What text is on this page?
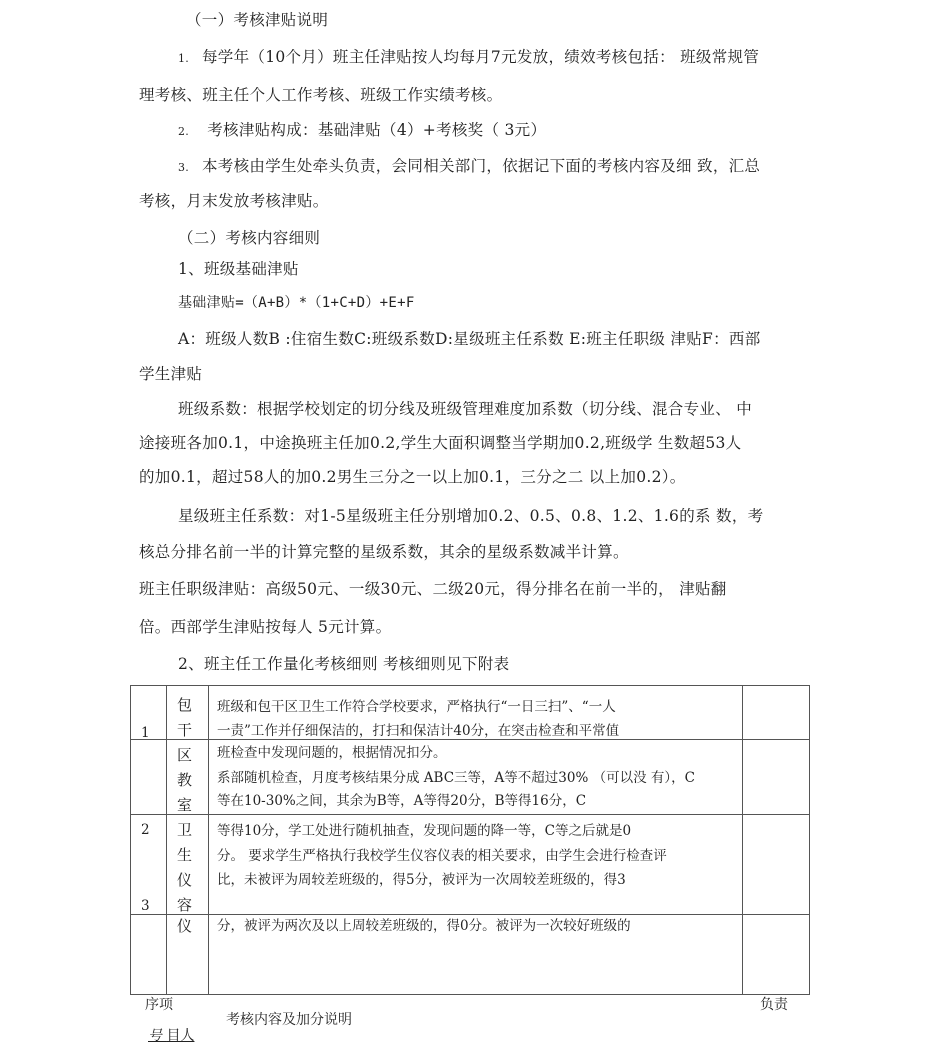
（一）考核津贴说明
1. 每学年（10个月）班主任津贴按人均每月7元发放，绩效考核包括： 班级常规管
理考核、班主任个人工作考核、班级工作实绩考核。
2. 考核津贴构成：基础津贴（4）+考核奖（ 3元）
3. 本考核由学生处牵头负责，会同相关部门，依据记下面的考核内容及细 致，汇总
考核，月末发放考核津贴。
（二）考核内容细则
1、班级基础津贴
基础津贴=（A+B）*（1+C+D）+E+F
A：班级人数B :住宿生数C:班级系数D:星级班主任系数 E:班主任职级 津贴F：西部
学生津贴
班级系数：根据学校划定的切分线及班级管理难度加系数（切分线、混合专业、 中
途接班各加0.1，中途换班主任加0.2,学生大面积调整当学期加0.2,班级学 生数超53人
的加0.1，超过58人的加0.2男生三分之一以上加0.1，三分之二 以上加0.2）。
星级班主任系数：对1-5星级班主任分别增加0.2、0.5、0.8、1.2、1.6的系 数，考
核总分排名前一半的计算完整的星级系数，其余的星级系数减半计算。
班主任职级津贴：高级50元、一级30元、二级20元，得分排名在前一半的， 津贴翻
倍。西部学生津贴按每人 5元计算。
2、班主任工作量化考核细则 考核细则见下附表
1
2
3
包
干
区
教
室
卫
生
仪
容
仪
班级和包干区卫生工作符合学校要求，严格执行“一日三扫”、“一人
一责”工作并仔细保洁的，打扫和保洁计40分，在突击检查和平常值
班检查中发现问题的，根据情况扣分。
系部随机检查，月度考核结果分成 ABC三等，A等不超过30% （可以没 有），C
等在10-30%之间，其余为B等，A等得20分，B等得16分，C
等得10分，学工处进行随机抽查，发现问题的降一等，C等之后就是0
分。 要求学生严格执行我校学生仪容仪表的相关要求，由学生会进行检查评
比，未被评为周较差班级的，得5分，被评为一次周较差班级的，得3
分，被评为两次及以上周较差班级的，得0分。被评为一次较好班级的
序项
号 目人
考核内容及加分说明
负责
